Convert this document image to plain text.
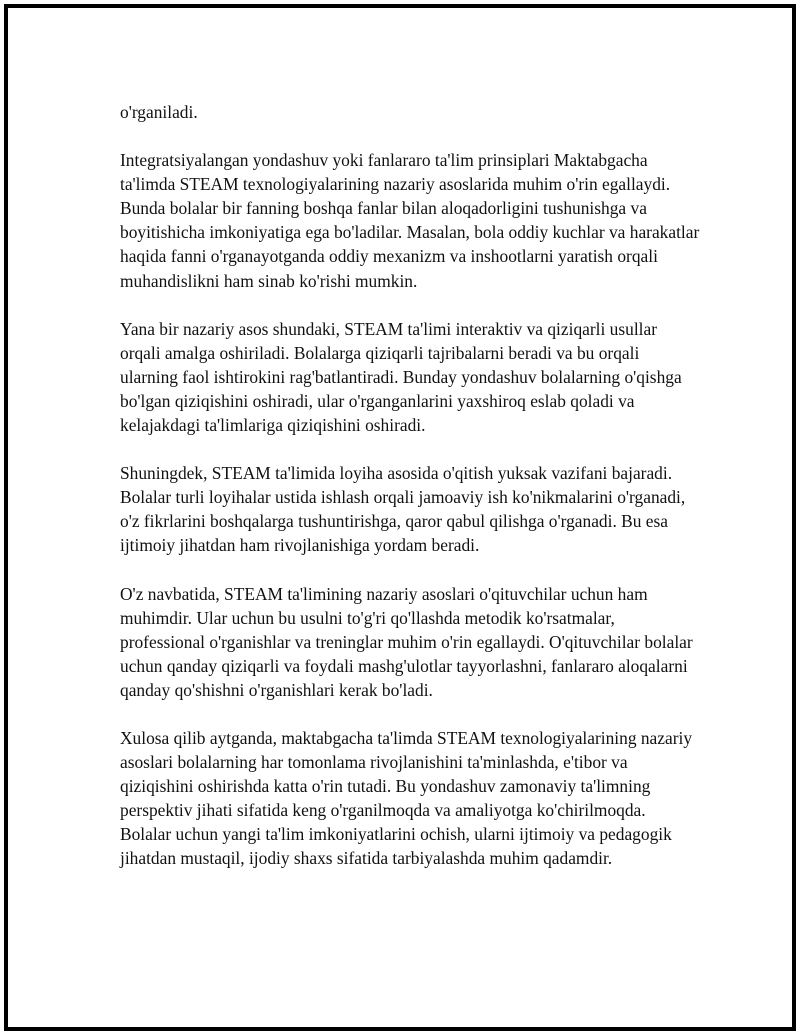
o'rganiladi.

Integratsiyalangan yondashuv yoki fanlararo ta'lim prinsiplari Maktabgacha ta'limda STEAM texnologiyalarining nazariy asoslarida muhim o'rin egallaydi. Bunda bolalar bir fanning boshqa fanlar bilan aloqadorligini tushunishga va boyitishicha imkoniyatiga ega bo'ladilar. Masalan, bola oddiy kuchlar va harakatlar haqida fanni o'rganayotganda oddiy mexanizm va inshootlarni yaratish orqali muhandislikni ham sinab ko'rishi mumkin.

Yana bir nazariy asos shundaki, STEAM ta'limi interaktiv va qiziqarli usullar orqali amalga oshiriladi. Bolalarga qiziqarli tajribalarni beradi va bu orqali ularning faol ishtirokini rag'batlantiradi. Bunday yondashuv bolalarning o'qishga bo'lgan qiziqishini oshiradi, ular o'rganganlarini yaxshiroq eslab qoladi va kelajakdagi ta'limlariga qiziqishini oshiradi.

Shuningdek, STEAM ta'limida loyiha asosida o'qitish yuksak vazifani bajaradi. Bolalar turli loyihalar ustida ishlash orqali jamoaviy ish ko'nikmalarini o'rganadi, o'z fikrlarini boshqalarga tushuntirishga, qaror qabul qilishga o'rganadi. Bu esa ijtimoiy jihatdan ham rivojlanishiga yordam beradi.

O'z navbatida, STEAM ta'limining nazariy asoslari o'qituvchilar uchun ham muhimdir. Ular uchun bu usulni to'g'ri qo'llashda metodik ko'rsatmalar, professional o'rganishlar va treninglar muhim o'rin egallaydi. O'qituvchilar bolalar uchun qanday qiziqarli va foydali mashg'ulotlar tayyorlashni, fanlararo aloqalarni qanday qo'shishni o'rganishlari kerak bo'ladi.

Xulosa qilib aytganda, maktabgacha ta'limda STEAM texnologiyalarining nazariy asoslari bolalarning har tomonlama rivojlanishini ta'minlashda, e'tibor va qiziqishini oshirishda katta o'rin tutadi. Bu yondashuv zamonaviy ta'limning perspektiv jihati sifatida keng o'rganilmoqda va amaliyotga ko'chirilmoqda. Bolalar uchun yangi ta'lim imkoniyatlarini ochish, ularni ijtimoiy va pedagogik jihatdan mustaqil, ijodiy shaxs sifatida tarbiyalashda muhim qadamdir.
